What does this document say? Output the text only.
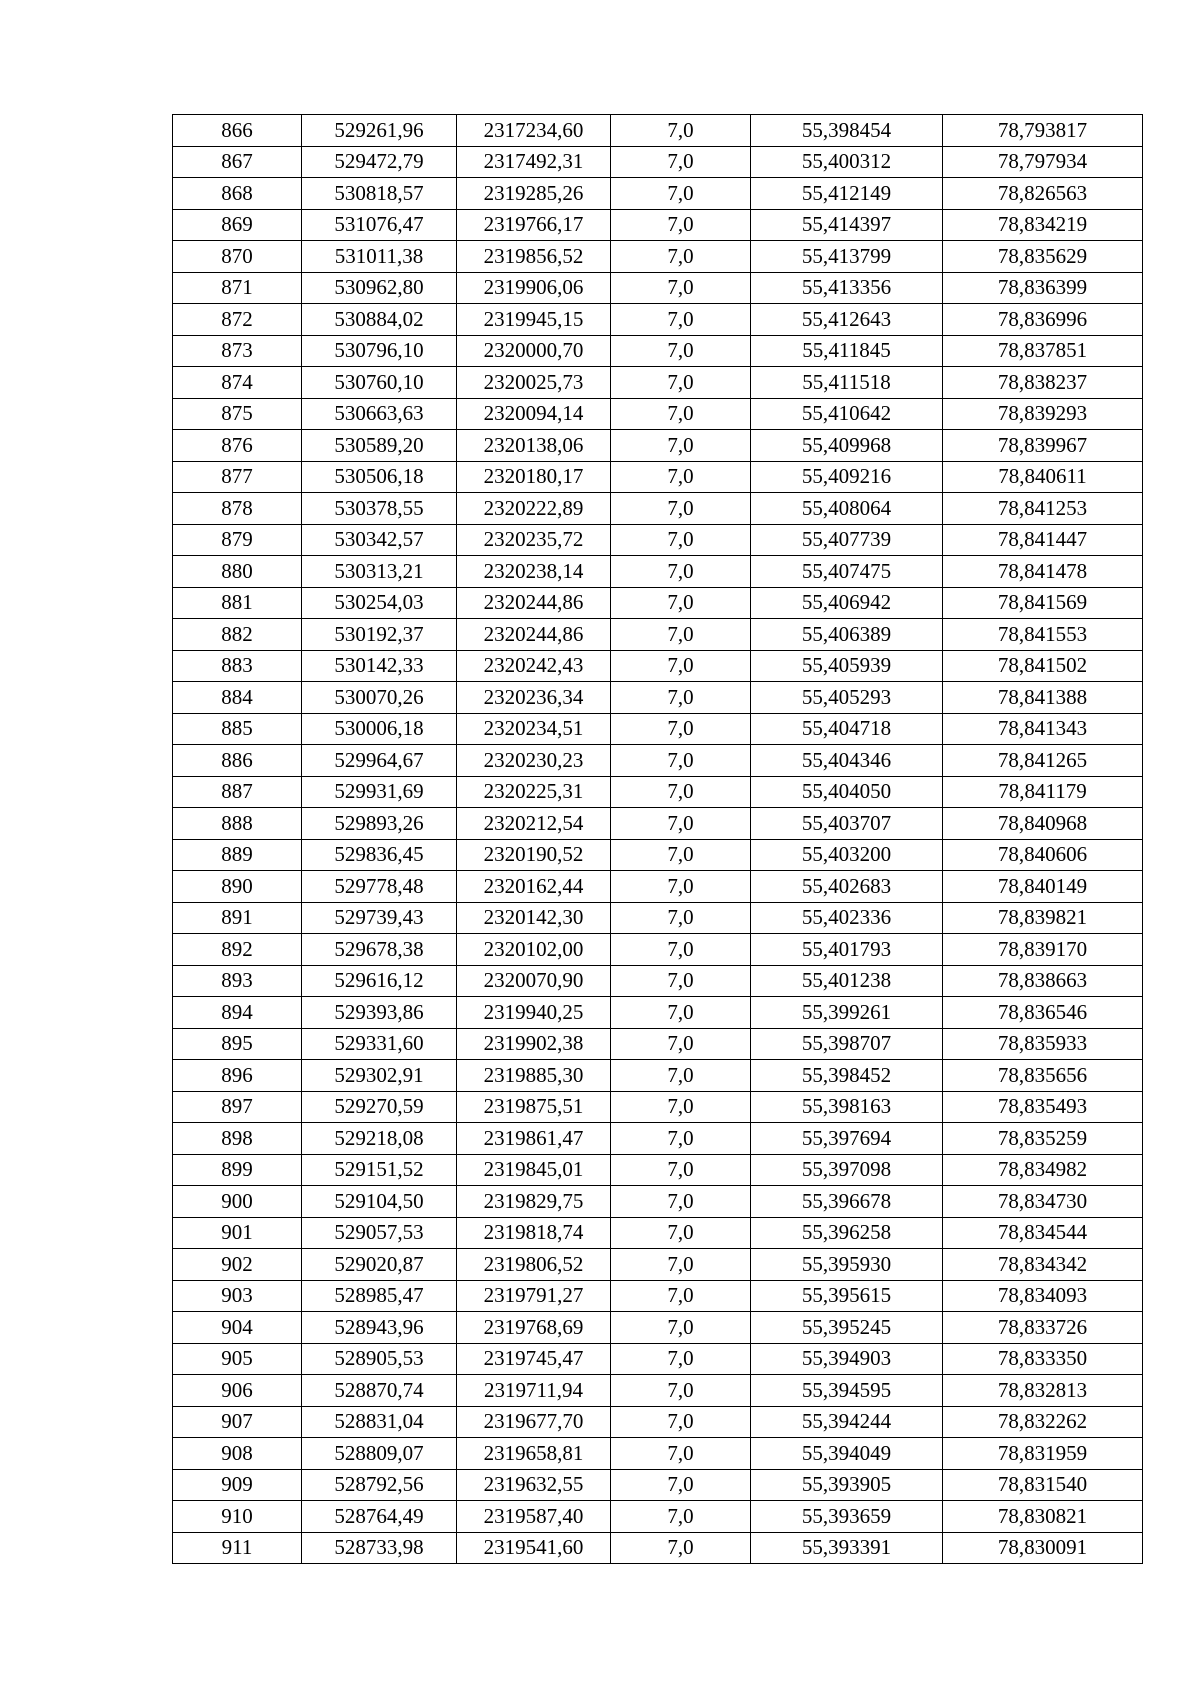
866	529261,96	2317234,60	7,0	55,398454	78,793817
867	529472,79	2317492,31	7,0	55,400312	78,797934
868	530818,57	2319285,26	7,0	55,412149	78,826563
869	531076,47	2319766,17	7,0	55,414397	78,834219
870	531011,38	2319856,52	7,0	55,413799	78,835629
871	530962,80	2319906,06	7,0	55,413356	78,836399
872	530884,02	2319945,15	7,0	55,412643	78,836996
873	530796,10	2320000,70	7,0	55,411845	78,837851
874	530760,10	2320025,73	7,0	55,411518	78,838237
875	530663,63	2320094,14	7,0	55,410642	78,839293
876	530589,20	2320138,06	7,0	55,409968	78,839967
877	530506,18	2320180,17	7,0	55,409216	78,840611
878	530378,55	2320222,89	7,0	55,408064	78,841253
879	530342,57	2320235,72	7,0	55,407739	78,841447
880	530313,21	2320238,14	7,0	55,407475	78,841478
881	530254,03	2320244,86	7,0	55,406942	78,841569
882	530192,37	2320244,86	7,0	55,406389	78,841553
883	530142,33	2320242,43	7,0	55,405939	78,841502
884	530070,26	2320236,34	7,0	55,405293	78,841388
885	530006,18	2320234,51	7,0	55,404718	78,841343
886	529964,67	2320230,23	7,0	55,404346	78,841265
887	529931,69	2320225,31	7,0	55,404050	78,841179
888	529893,26	2320212,54	7,0	55,403707	78,840968
889	529836,45	2320190,52	7,0	55,403200	78,840606
890	529778,48	2320162,44	7,0	55,402683	78,840149
891	529739,43	2320142,30	7,0	55,402336	78,839821
892	529678,38	2320102,00	7,0	55,401793	78,839170
893	529616,12	2320070,90	7,0	55,401238	78,838663
894	529393,86	2319940,25	7,0	55,399261	78,836546
895	529331,60	2319902,38	7,0	55,398707	78,835933
896	529302,91	2319885,30	7,0	55,398452	78,835656
897	529270,59	2319875,51	7,0	55,398163	78,835493
898	529218,08	2319861,47	7,0	55,397694	78,835259
899	529151,52	2319845,01	7,0	55,397098	78,834982
900	529104,50	2319829,75	7,0	55,396678	78,834730
901	529057,53	2319818,74	7,0	55,396258	78,834544
902	529020,87	2319806,52	7,0	55,395930	78,834342
903	528985,47	2319791,27	7,0	55,395615	78,834093
904	528943,96	2319768,69	7,0	55,395245	78,833726
905	528905,53	2319745,47	7,0	55,394903	78,833350
906	528870,74	2319711,94	7,0	55,394595	78,832813
907	528831,04	2319677,70	7,0	55,394244	78,832262
908	528809,07	2319658,81	7,0	55,394049	78,831959
909	528792,56	2319632,55	7,0	55,393905	78,831540
910	528764,49	2319587,40	7,0	55,393659	78,830821
911	528733,98	2319541,60	7,0	55,393391	78,830091
